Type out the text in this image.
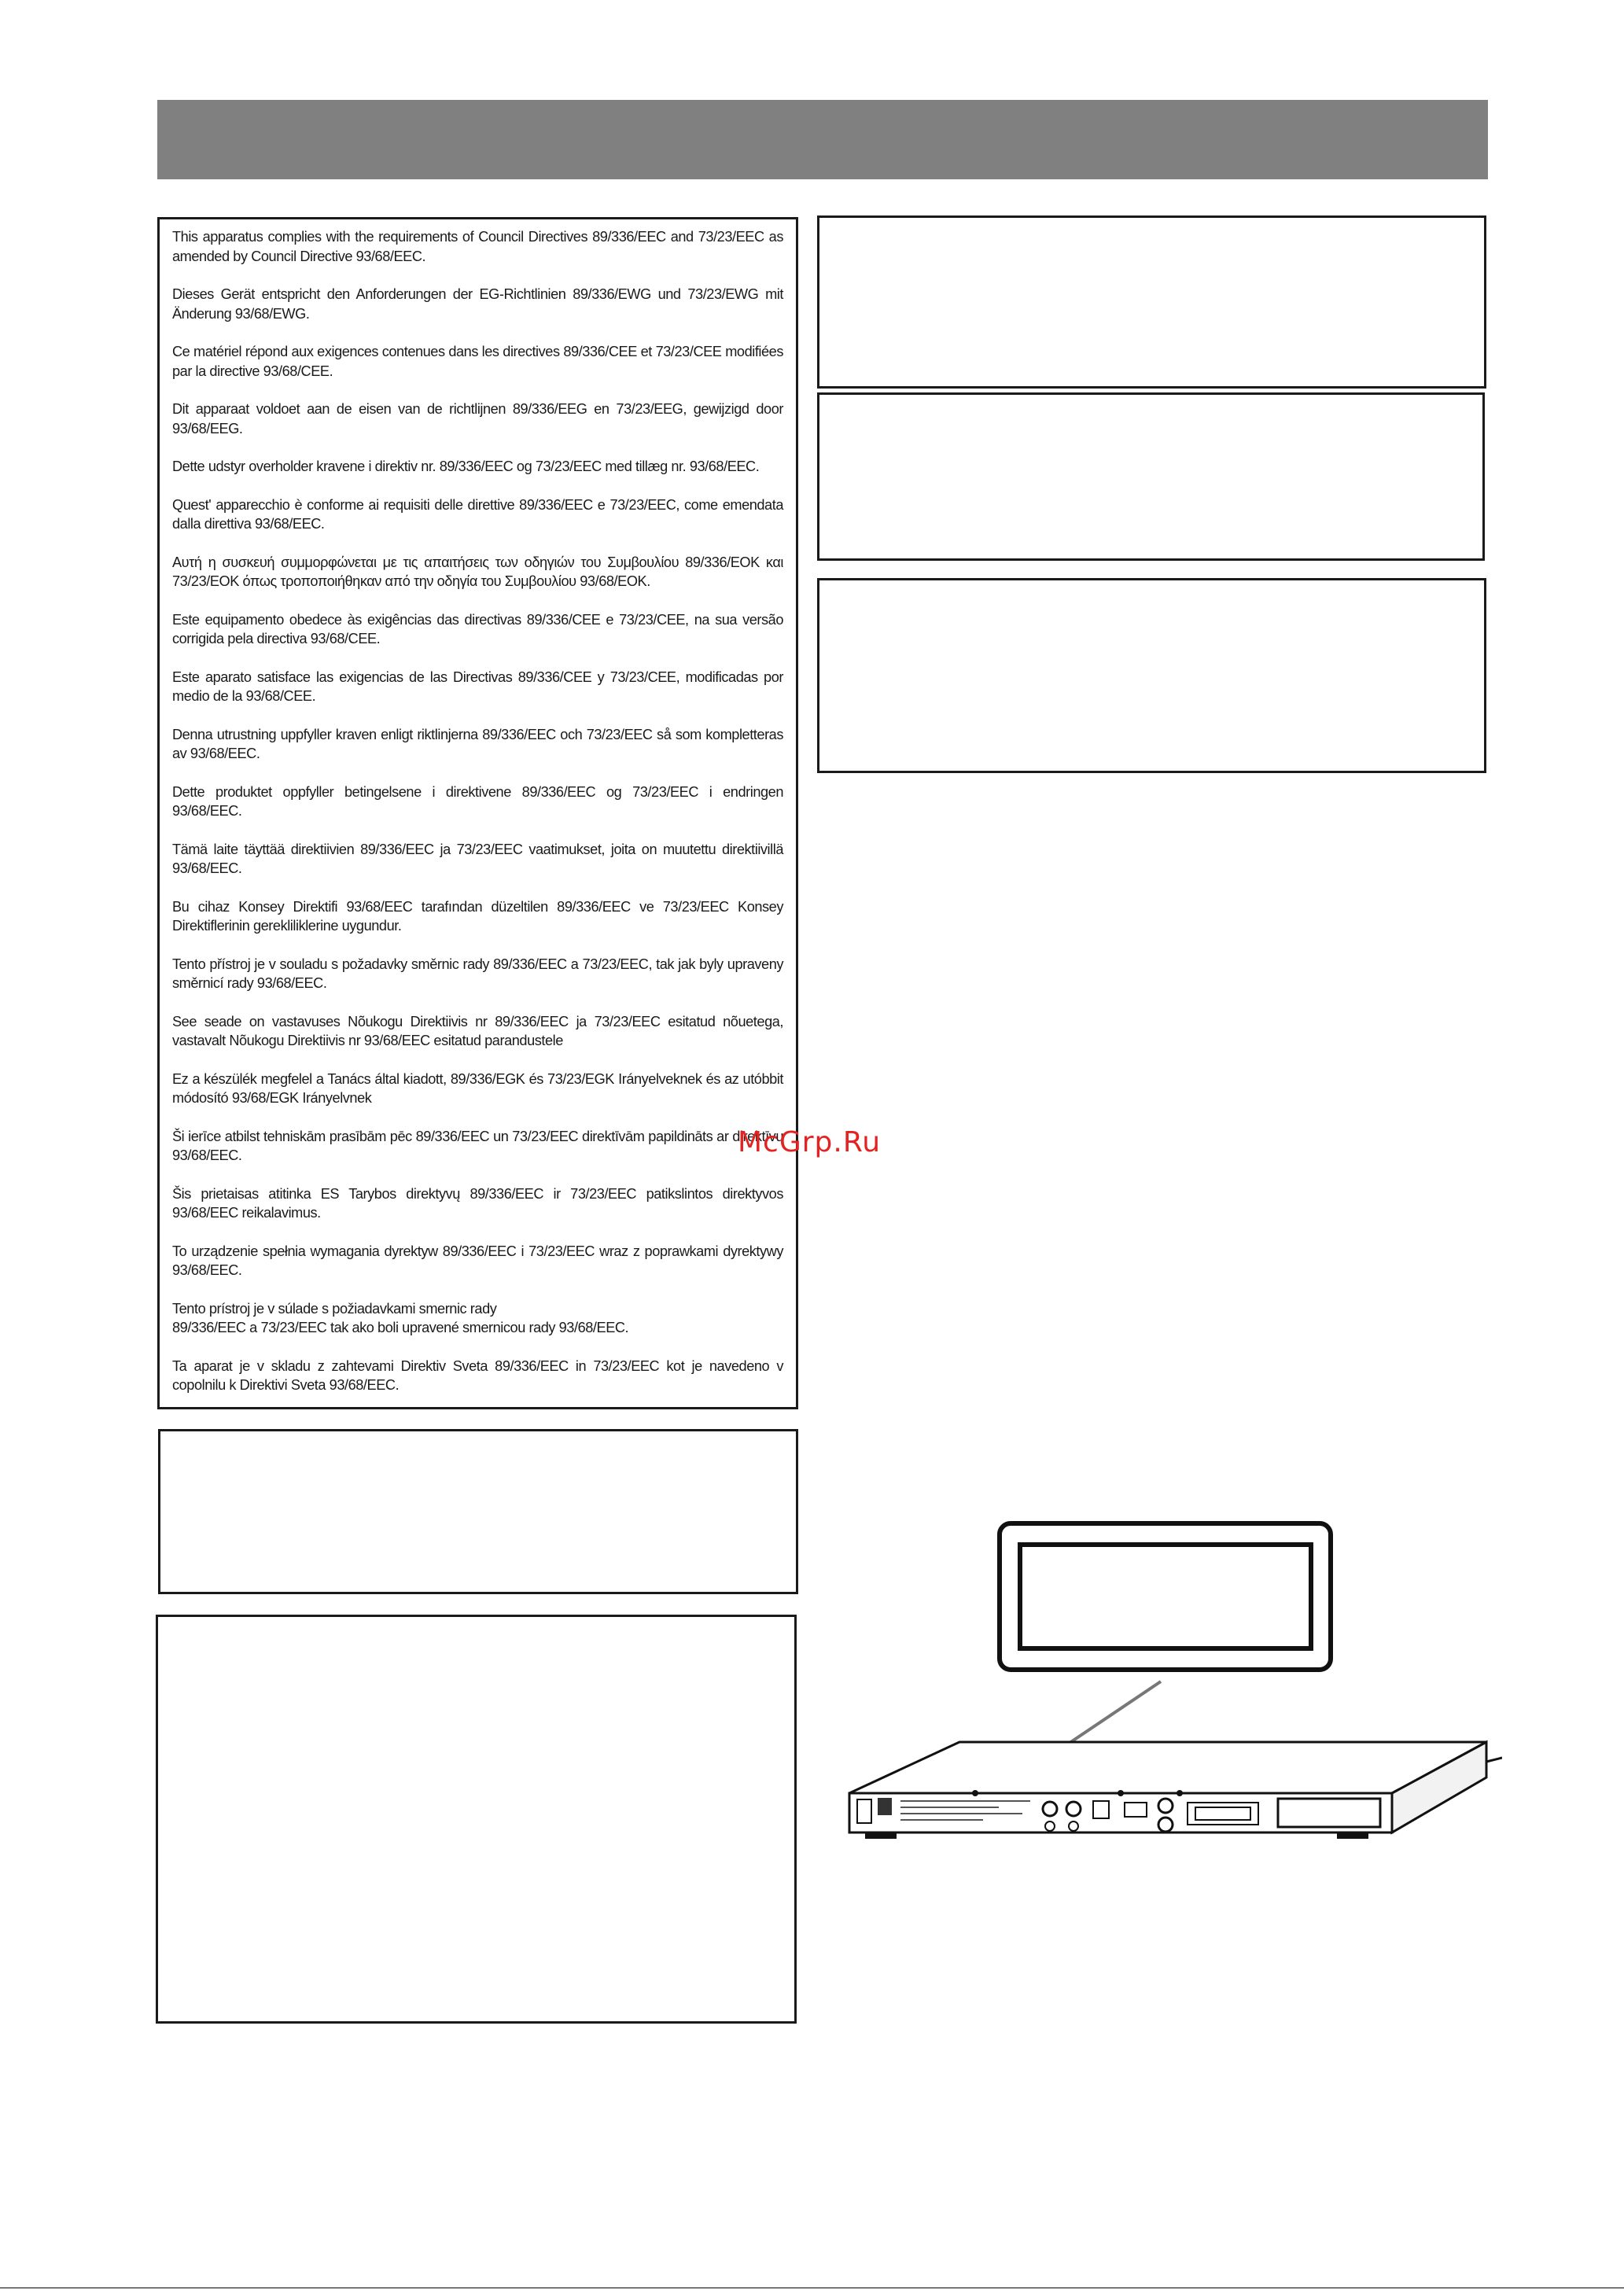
This apparatus complies with the requirements of Council Directives 89/336/EEC and 73/23/EEC as amended by Council Directive 93/68/EEC.

Dieses Gerät entspricht den Anforderungen der EG-Richtlinien 89/336/EWG und 73/23/EWG mit Änderung 93/68/EWG.

Ce matériel répond aux exigences contenues dans les directives 89/336/CEE et 73/23/CEE modifiées par la directive 93/68/CEE.

Dit apparaat voldoet aan de eisen van de richtlijnen 89/336/EEG en 73/23/EEG, gewijzigd door 93/68/EEG.

Dette udstyr overholder kravene i direktiv nr. 89/336/EEC og 73/23/EEC med tillæg nr. 93/68/EEC.

Quest' apparecchio è conforme ai requisiti delle direttive 89/336/EEC e 73/23/EEC, come emendata dalla direttiva 93/68/EEC.

Αυτή η συσκευή συμμορφώνεται με τις απαιτήσεις των οδηγιών του Συμβουλίου 89/336/ΕΟΚ και 73/23/ΕΟΚ όπως τροποποιήθηκαν από την οδηγία του Συμβουλίου 93/68/ΕΟΚ.

Este equipamento obedece às exigências das directivas 89/336/CEE e 73/23/CEE, na sua versão corrigida pela directiva 93/68/CEE.

Este aparato satisface las exigencias de las Directivas 89/336/CEE y 73/23/CEE, modificadas por medio de la 93/68/CEE.

Denna utrustning uppfyller kraven enligt riktlinjerna 89/336/EEC och 73/23/EEC så som kompletteras av 93/68/EEC.

Dette produktet oppfyller betingelsene i direktivene 89/336/EEC og 73/23/EEC i endringen 93/68/EEC.

Tämä laite täyttää direktiivien 89/336/EEC ja 73/23/EEC vaatimukset, joita on muutettu direktiivillä 93/68/EEC.

Bu cihaz Konsey Direktifi 93/68/EEC tarafından düzeltilen 89/336/EEC ve 73/23/EEC Konsey Direktiflerinin gerekliliklerine uygundur.

Tento přístroj je v souladu s požadavky směrnic rady 89/336/EEC a 73/23/EEC, tak jak byly upraveny směrnicí rady 93/68/EEC.

See seade on vastavuses Nõukogu Direktiivis nr 89/336/EEC ja 73/23/EEC esitatud nõuetega, vastavalt Nõukogu Direktiivis nr 93/68/EEC esitatud parandustele

Ez a készülék megfelel a Tanács által kiadott, 89/336/EGK és 73/23/EGK Irányelveknek és az utóbbit módosító 93/68/EGK Irányelvnek

Ši ierīce atbilst tehniskām prasībām pēc 89/336/EEC un 73/23/EEC direktīvām papildināts ar direktīvu 93/68/EEC.

Šis prietaisas atitinka ES Tarybos direktyvų 89/336/EEC ir 73/23/EEC patikslintos direktyvos 93/68/EEC reikalavimus.

To urządzenie spełnia wymagania dyrektyw 89/336/EEC i 73/23/EEC wraz z poprawkami dyrektywy 93/68/EEC.

Tento prístroj je v súlade s požiadavkami smernic rady
89/336/EEC a 73/23/EEC tak ako boli upravené smernicou rady 93/68/EEC.

Ta aparat je v skladu z zahtevami Direktiv Sveta 89/336/EEC in 73/23/EEC kot je navedeno v copolnilu k Direktivi Sveta 93/68/EEC.

McGrp.Ru
